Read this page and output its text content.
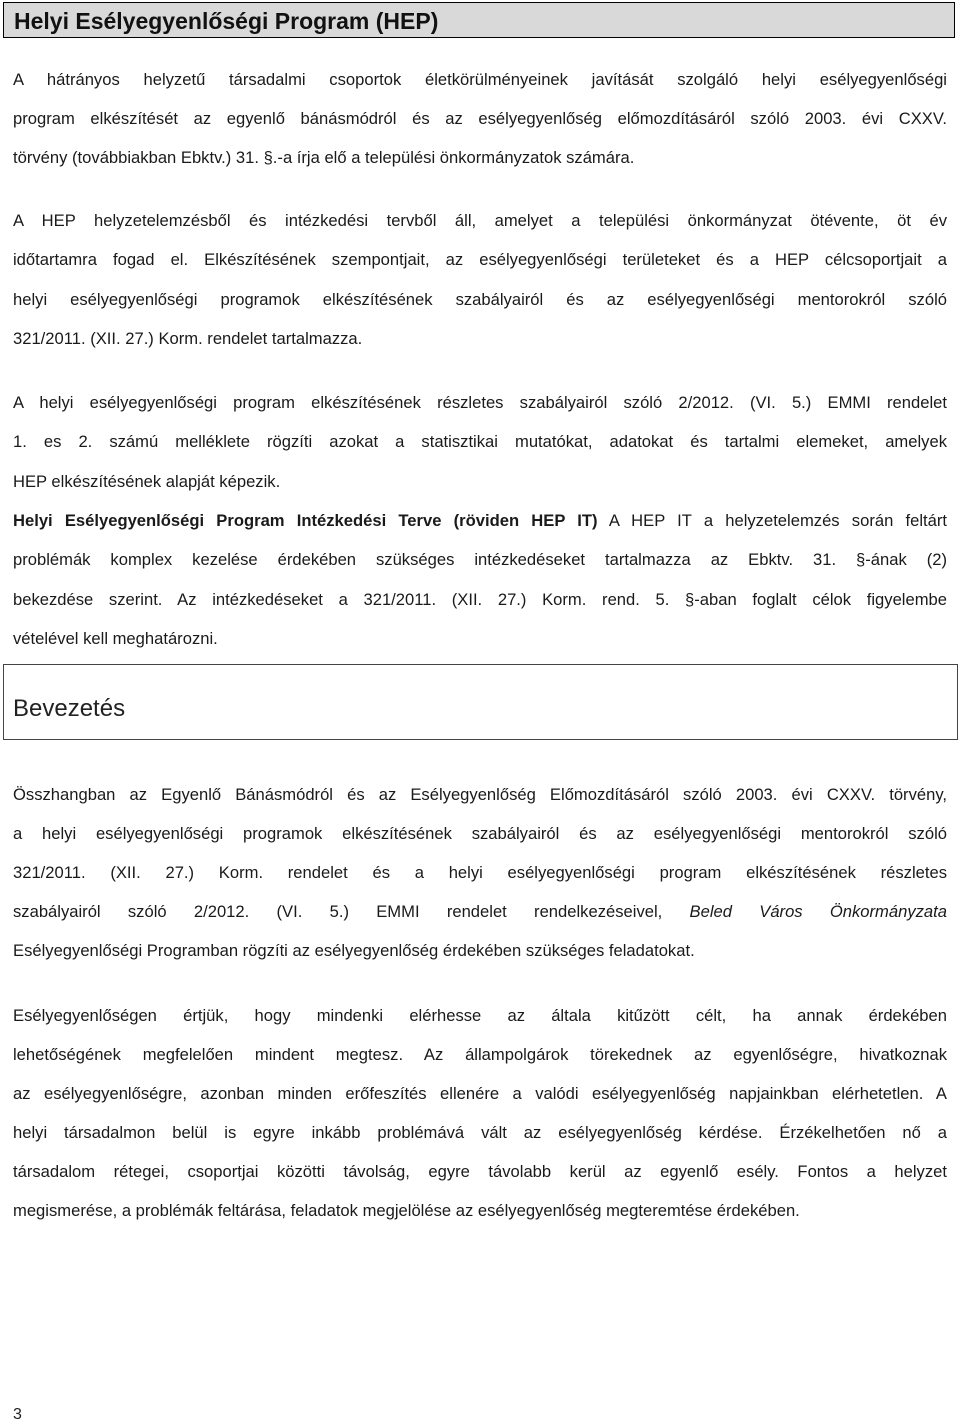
Helyi Esélyegyenlőségi Program (HEP)
A hátrányos helyzetű társadalmi csoportok életkörülményeinek javítását szolgáló helyi esélyegyenlőségi
program elkészítését az egyenlő bánásmódról és az esélyegyenlőség előmozdításáról szóló 2003. évi CXXV.
törvény (továbbiakban Ebktv.) 31. §.-a írja elő a települési önkormányzatok számára.
A HEP helyzetelemzésből és intézkedési tervből áll, amelyet a települési önkormányzat ötévente, öt év
időtartamra fogad el. Elkészítésének szempontjait, az esélyegyenlőségi területeket és a HEP célcsoportjait a
helyi esélyegyenlőségi programok elkészítésének szabályairól és az esélyegyenlőségi mentorokról szóló
321/2011. (XII. 27.) Korm. rendelet tartalmazza.
A helyi esélyegyenlőségi program elkészítésének részletes szabályairól szóló 2/2012. (VI. 5.) EMMI rendelet
1. es 2. számú melléklete rögzíti azokat a statisztikai mutatókat, adatokat és tartalmi elemeket, amelyek
HEP elkészítésének alapját képezik.
Helyi Esélyegyenlőségi Program Intézkedési Terve (röviden HEP IT) A HEP IT a helyzetelemzés során feltárt
problémák komplex kezelése érdekében szükséges intézkedéseket tartalmazza az Ebktv. 31. §-ának (2)
bekezdése szerint. Az intézkedéseket a 321/2011. (XII. 27.) Korm. rend. 5. §-aban foglalt célok figyelembe
vételével kell meghatározni.
Bevezetés
Összhangban az Egyenlő Bánásmódról és az Esélyegyenlőség Előmozdításáról szóló 2003. évi CXXV. törvény,
a helyi esélyegyenlőségi programok elkészítésének szabályairól és az esélyegyenlőségi mentorokról szóló
321/2011. (XII. 27.) Korm. rendelet és a helyi esélyegyenlőségi program elkészítésének részletes
szabályairól szóló 2/2012. (VI. 5.) EMMI rendelet rendelkezéseivel, Beled Város Önkormányzata
Esélyegyenlőségi Programban rögzíti az esélyegyenlőség érdekében szükséges feladatokat.
Esélyegyenlőségen értjük, hogy mindenki elérhesse az általa kitűzött célt, ha annak érdekében
lehetőségének megfelelően mindent megtesz. Az állampolgárok törekednek az egyenlőségre, hivatkoznak
az esélyegyenlőségre, azonban minden erőfeszítés ellenére a valódi esélyegyenlőség napjainkban elérhetetlen. A
helyi társadalmon belül is egyre inkább problémává vált az esélyegyenlőség kérdése. Érzékelhetően nő a
társadalom rétegei, csoportjai közötti távolság, egyre távolabb kerül az egyenlő esély. Fontos a helyzet
megismerése, a problémák feltárása, feladatok megjelölése az esélyegyenlőség megteremtése érdekében.
3
